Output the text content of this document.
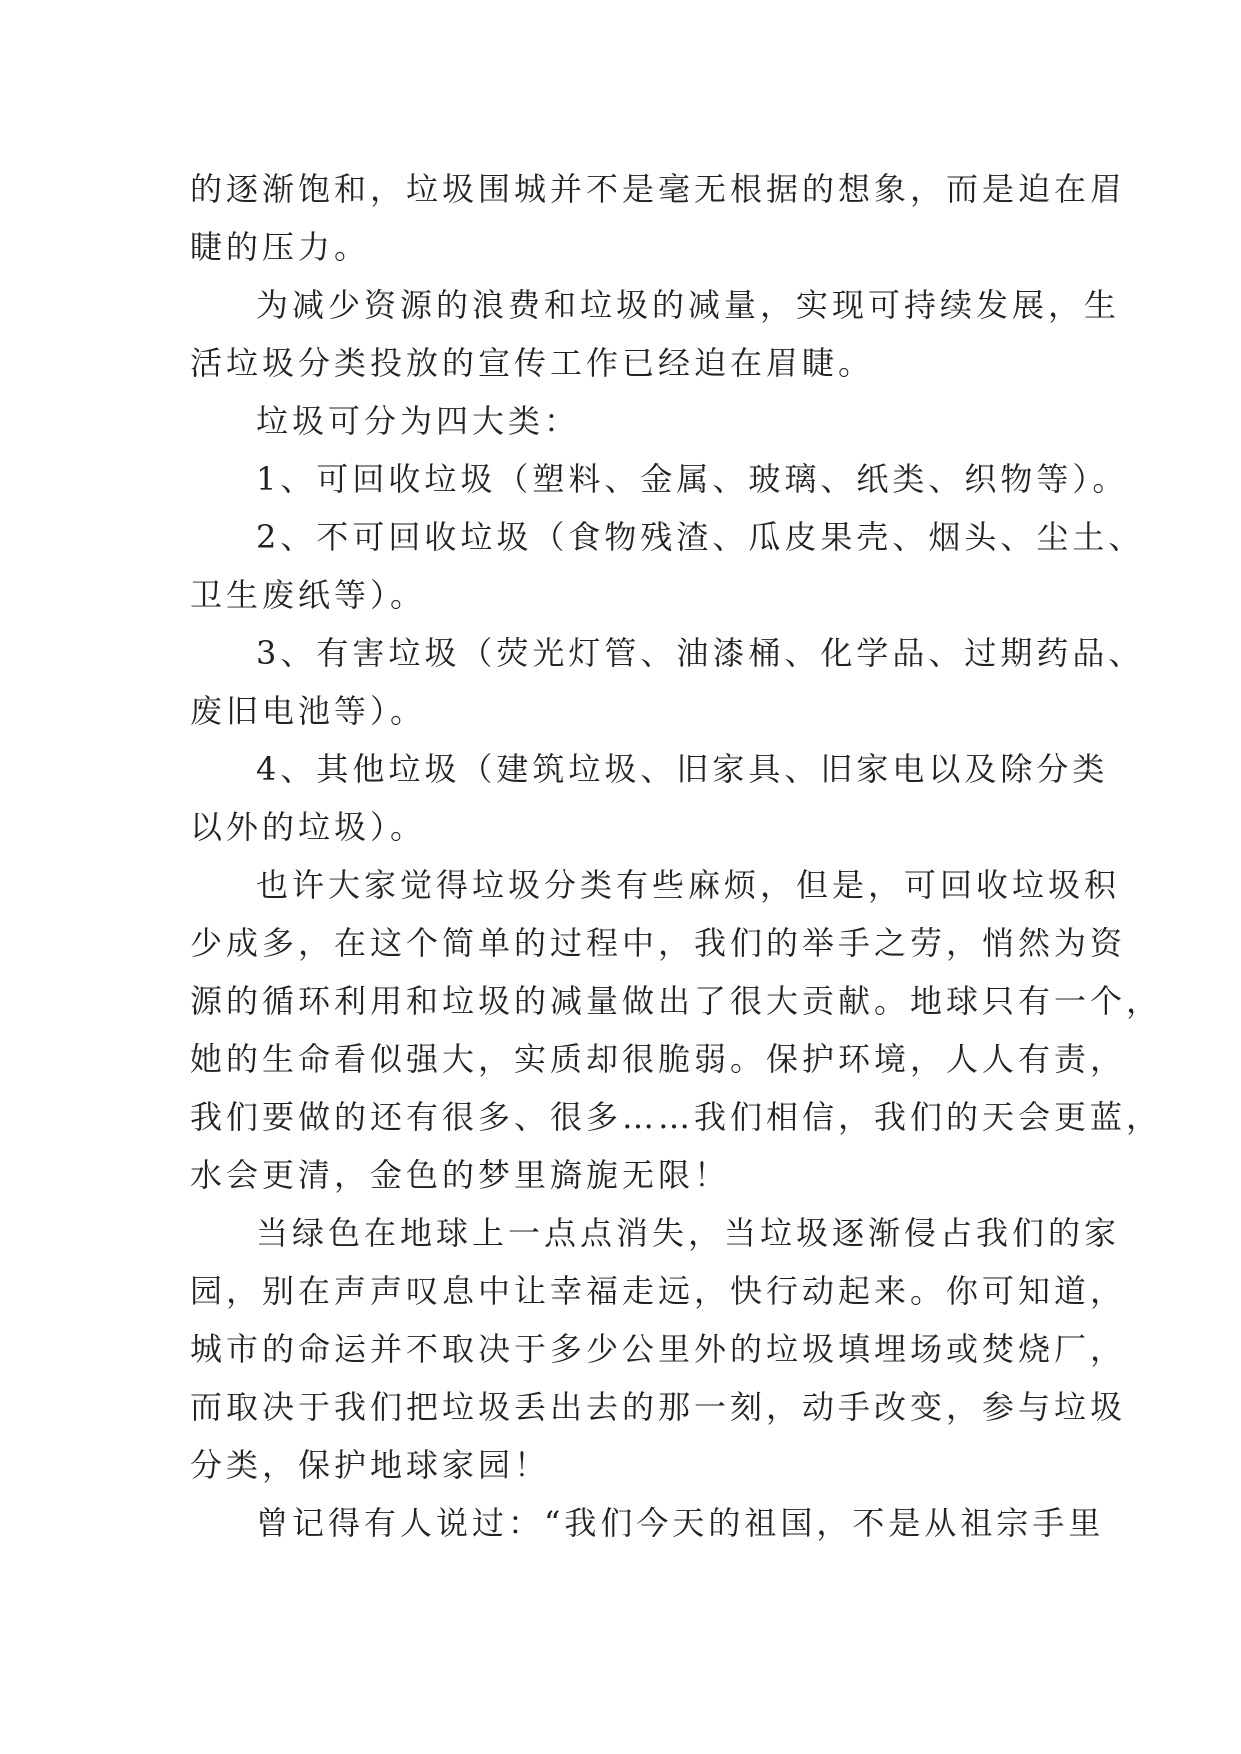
的逐渐饱和，垃圾围城并不是毫无根据的想象，而是迫在眉
睫的压力。
为减少资源的浪费和垃圾的减量，实现可持续发展，生
活垃圾分类投放的宣传工作已经迫在眉睫。
垃圾可分为四大类：
1、可回收垃圾（塑料、金属、玻璃、纸类、织物等）。
2、不可回收垃圾（食物残渣、瓜皮果壳、烟头、尘土、
卫生废纸等）。
3、有害垃圾（荧光灯管、油漆桶、化学品、过期药品、
废旧电池等）。
4、其他垃圾（建筑垃圾、旧家具、旧家电以及除分类
以外的垃圾）。
也许大家觉得垃圾分类有些麻烦，但是，可回收垃圾积
少成多，在这个简单的过程中，我们的举手之劳，悄然为资
源的循环利用和垃圾的减量做出了很大贡献。地球只有一个，
她的生命看似强大，实质却很脆弱。保护环境，人人有责，
我们要做的还有很多、很多……我们相信，我们的天会更蓝，
水会更清，金色的梦里旖旎无限！
当绿色在地球上一点点消失，当垃圾逐渐侵占我们的家
园，别在声声叹息中让幸福走远，快行动起来。你可知道，
城市的命运并不取决于多少公里外的垃圾填埋场或焚烧厂，
而取决于我们把垃圾丢出去的那一刻，动手改变，参与垃圾
分类，保护地球家园！
曾记得有人说过：“我们今天的祖国，不是从祖宗手里
